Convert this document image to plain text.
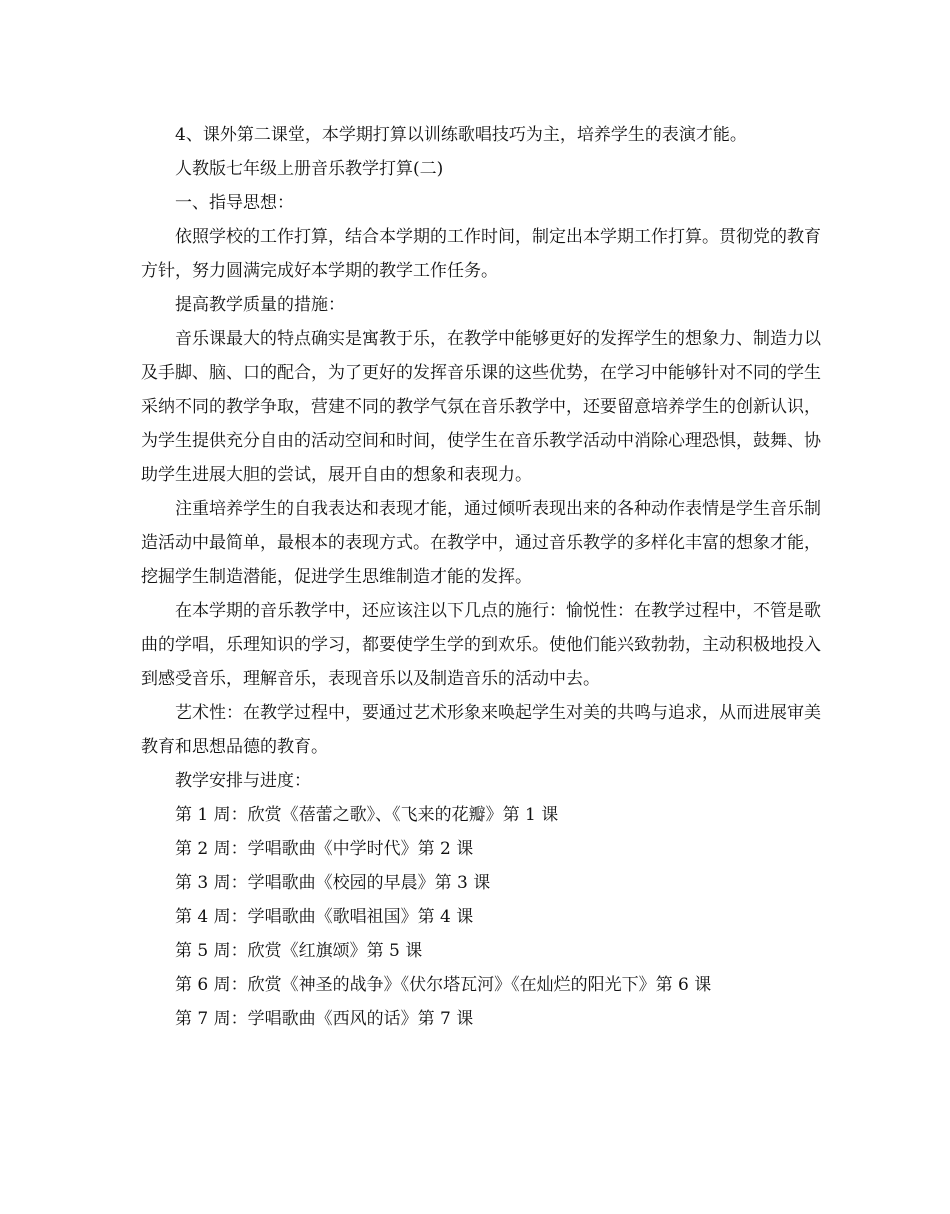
4、课外第二课堂，本学期打算以训练歌唱技巧为主，培养学生的表演才能。

人教版七年级上册音乐教学打算(二)

一、指导思想：

依照学校的工作打算，结合本学期的工作时间，制定出本学期工作打算。贯彻党的教育方针，努力圆满完成好本学期的教学工作任务。

提高教学质量的措施：

音乐课最大的特点确实是寓教于乐，在教学中能够更好的发挥学生的想象力、制造力以及手脚、脑、口的配合，为了更好的发挥音乐课的这些优势，在学习中能够针对不同的学生采纳不同的教学争取，营建不同的教学气氛在音乐教学中，还要留意培养学生的创新认识，为学生提供充分自由的活动空间和时间，使学生在音乐教学活动中消除心理恐惧，鼓舞、协助学生进展大胆的尝试，展开自由的想象和表现力。

注重培养学生的自我表达和表现才能，通过倾听表现出来的各种动作表情是学生音乐制造活动中最简单，最根本的表现方式。在教学中，通过音乐教学的多样化丰富的想象才能，挖掘学生制造潜能，促进学生思维制造才能的发挥。

在本学期的音乐教学中，还应该注以下几点的施行：愉悦性：在教学过程中，不管是歌曲的学唱，乐理知识的学习，都要使学生学的到欢乐。使他们能兴致勃勃，主动积极地投入到感受音乐，理解音乐，表现音乐以及制造音乐的活动中去。

艺术性：在教学过程中，要通过艺术形象来唤起学生对美的共鸣与追求，从而进展审美教育和思想品德的教育。

教学安排与进度：

第 1 周：欣赏《蓓蕾之歌》、《飞来的花瓣》第 1 课

第 2 周：学唱歌曲《中学时代》第 2 课

第 3 周：学唱歌曲《校园的早晨》第 3 课

第 4 周：学唱歌曲《歌唱祖国》第 4 课

第 5 周：欣赏《红旗颂》第 5 课

第 6 周：欣赏《神圣的战争》《伏尔塔瓦河》《在灿烂的阳光下》第 6 课

第 7 周：学唱歌曲《西风的话》第 7 课
